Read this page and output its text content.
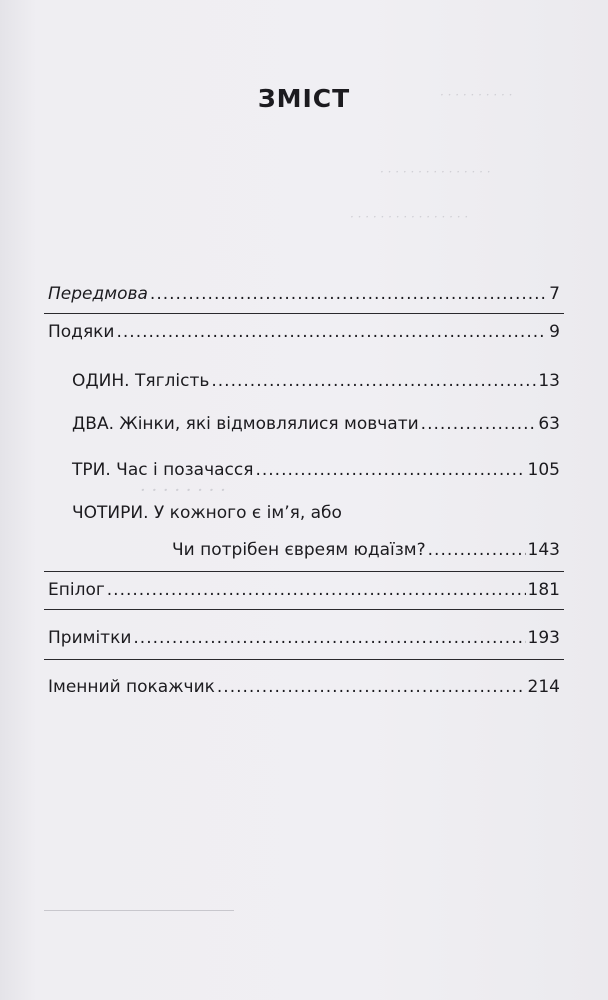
· · · · · · · · · ·
· · · · · · · · · · · · · · ·
· · · · · · · · · · · · · · · ·
· · · · · · · ·
ЗМІСТ
Передмова .....	7
Подяки .....	9
ОДИН. Тяглість .....	13
ДВА. Жінки, які відмовлялися мовчати .....	63
ТРИ. Час і позачасся .....	105
ЧОТИРИ. У кожного є ім’я, або
Чи потрібен євреям юдаїзм? .....	143
Епілог .....	181
Примітки .....	193
Іменний покажчик .....	214
